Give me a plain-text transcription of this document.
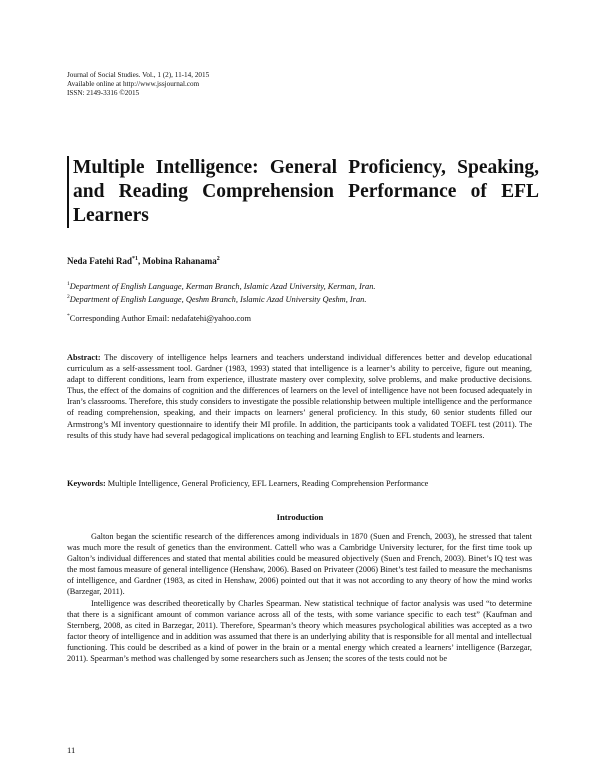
Journal of Social Studies. Vol., 1 (2), 11-14, 2015
Available online at http://www.jssjournal.com
ISSN: 2149-3316 ©2015
Multiple Intelligence: General Proficiency, Speaking, and Reading Comprehension Performance of EFL Learners
Neda Fatehi Rad$^{*1}$, Mobina Rahanama$^2$
$^1$Department of English Language, Kerman Branch, Islamic Azad University, Kerman, Iran.
$^2$Department of English Language, Qeshm Branch, Islamic Azad University Qeshm, Iran.
*Corresponding Author Email: nedafatehi@yahoo.com

Abstract: The discovery of intelligence helps learners and teachers understand individual differences better and develop educational curriculum as a self-assessment tool. Gardner (1983, 1993) stated that intelligence is a learner’s ability to perceive, figure out meaning, adapt to different conditions, learn from experience, illustrate mastery over complexity, solve problems, and make productive decisions. Thus, the effect of the domains of cognition and the differences of learners on the level of intelligence have not been focused adequately in Iran’s classrooms. Therefore, this study considers to investigate the possible relationship between multiple intelligence and the performance of reading comprehension, speaking, and their impacts on learners’ general proficiency. In this study, 60 senior students filled our Armstrong’s MI inventory questionnaire to identify their MI profile. In addition, the participants took a validated TOEFL test (2011). The results of this study have had several pedagogical implications on teaching and learning English to EFL students and learners.

Keywords: Multiple Intelligence, General Proficiency, EFL Learners, Reading Comprehension Performance
Introduction

Galton began the scientific research of the differences among individuals in 1870 (Suen and French, 2003), he stressed that talent was much more the result of genetics than the environment. Cattell who was a Cambridge University lecturer, for the first time took up Galton’s individual differences and stated that mental abilities could be measured objectively (Suen and French, 2003). Binet’s IQ test was the most famous measure of general intelligence (Henshaw, 2006). Based on Privateer (2006) Binet’s test failed to measure the mechanisms of intelligence, and Gardner (1983, as cited in Henshaw, 2006) pointed out that it was not according to any theory of how the mind works (Barzegar, 2011).

Intelligence was described theoretically by Charles Spearman. New statistical technique of factor analysis was used “to determine that there is a significant amount of common variance across all of the tests, with some variance specific to each test” (Kaufman and Sternberg, 2008, as cited in Barzegar, 2011). Therefore, Spearman’s theory which measures psychological abilities was accepted as a two factor theory of intelligence and in addition was assumed that there is an underlying ability that is responsible for all mental and intellectual functioning. This could be described as a kind of power in the brain or a mental energy which created a learners’ intelligence (Barzegar, 2011). Spearman’s method was challenged by some researchers such as Jensen; the scores of the tests could not be

11
